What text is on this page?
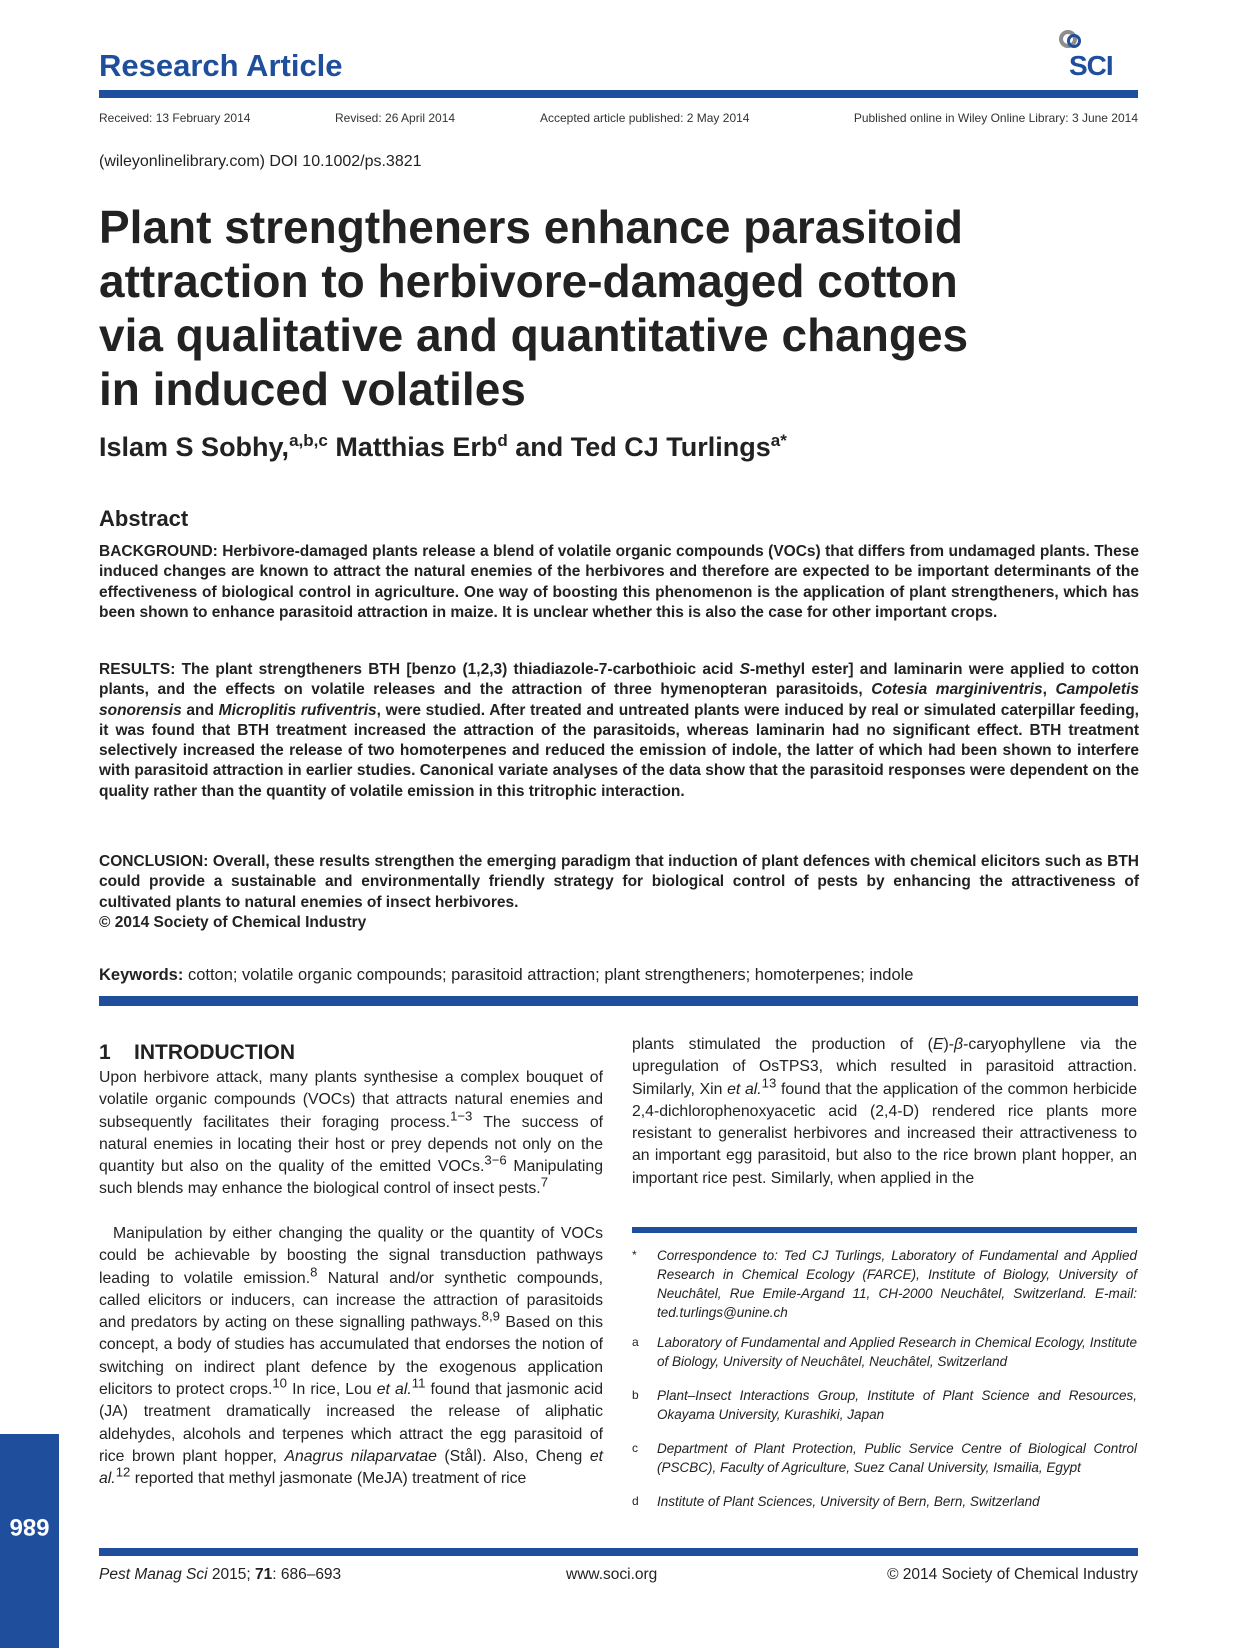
Research Article	SCI
Received: 13 February 2014	Revised: 26 April 2014	Accepted article published: 2 May 2014	Published online in Wiley Online Library: 3 June 2014
(wileyonlinelibrary.com) DOI 10.1002/ps.3821
Plant strengtheners enhance parasitoid
attraction to herbivore-damaged cotton
via qualitative and quantitative changes
in induced volatiles
Islam S Sobhy,$^{a,b,c}$ Matthias Erb$^d$ and Ted CJ Turlings$^{a*}$
Abstract

BACKGROUND: Herbivore-damaged plants release a blend of volatile organic compounds (VOCs) that differs from undamaged plants. These induced changes are known to attract the natural enemies of the herbivores and therefore are expected to be important determinants of the effectiveness of biological control in agriculture. One way of boosting this phenomenon is the application of plant strengtheners, which has been shown to enhance parasitoid attraction in maize. It is unclear whether this is also the case for other important crops.

RESULTS: The plant strengtheners BTH [benzo (1,2,3) thiadiazole-7-carbothioic acid S-methyl ester] and laminarin were applied to cotton plants, and the effects on volatile releases and the attraction of three hymenopteran parasitoids, Cotesia marginiventris, Campoletis sonorensis and Microplitis rufiventris, were studied. After treated and untreated plants were induced by real or simulated caterpillar feeding, it was found that BTH treatment increased the attraction of the parasitoids, whereas laminarin had no significant effect. BTH treatment selectively increased the release of two homoterpenes and reduced the emission of indole, the latter of which had been shown to interfere with parasitoid attraction in earlier studies. Canonical variate analyses of the data show that the parasitoid responses were dependent on the quality rather than the quantity of volatile emission in this tritrophic interaction.

CONCLUSION: Overall, these results strengthen the emerging paradigm that induction of plant defences with chemical elicitors such as BTH could provide a sustainable and environmentally friendly strategy for biological control of pests by enhancing the attractiveness of cultivated plants to natural enemies of insect herbivores.
© 2014 Society of Chemical Industry

Keywords: cotton; volatile organic compounds; parasitoid attraction; plant strengtheners; homoterpenes; indole
1    INTRODUCTION

Upon herbivore attack, many plants synthesise a complex bouquet of volatile organic compounds (VOCs) that attracts natural enemies and subsequently facilitates their foraging process.$^{1-3}$ The success of natural enemies in locating their host or prey depends not only on the quantity but also on the quality of the emitted VOCs.$^{3-6}$ Manipulating such blends may enhance the biological control of insect pests.$^7$

Manipulation by either changing the quality or the quantity of VOCs could be achievable by boosting the signal transduction pathways leading to volatile emission.$^8$ Natural and/or synthetic compounds, called elicitors or inducers, can increase the attraction of parasitoids and predators by acting on these signalling pathways.$^{8,9}$ Based on this concept, a body of studies has accumulated that endorses the notion of switching on indirect plant defence by the exogenous application elicitors to protect crops.$^{10}$ In rice, Lou et al.$^{11}$ found that jasmonic acid (JA) treatment dramatically increased the release of aliphatic aldehydes, alcohols and terpenes which attract the egg parasitoid of rice brown plant hopper, Anagrus nilaparvatae (Stål). Also, Cheng et al.$^{12}$ reported that methyl jasmonate (MeJA) treatment of rice

plants stimulated the production of (E)-β-caryophyllene via the upregulation of OsTPS3, which resulted in parasitoid attraction. Similarly, Xin et al.$^{13}$ found that the application of the common herbicide 2,4-dichlorophenoxyacetic acid (2,4-D) rendered rice plants more resistant to generalist herbivores and increased their attractiveness to an important egg parasitoid, but also to the rice brown plant hopper, an important rice pest. Similarly, when applied in the

* Correspondence to: Ted CJ Turlings, Laboratory of Fundamental and Applied Research in Chemical Ecology (FARCE), Institute of Biology, University of Neuchâtel, Rue Emile-Argand 11, CH-2000 Neuchâtel, Switzerland. E-mail: ted.turlings@unine.ch
a Laboratory of Fundamental and Applied Research in Chemical Ecology, Institute of Biology, University of Neuchâtel, Neuchâtel, Switzerland
b Plant–Insect Interactions Group, Institute of Plant Science and Resources, Okayama University, Kurashiki, Japan
c Department of Plant Protection, Public Service Centre of Biological Control (PSCBC), Faculty of Agriculture, Suez Canal University, Ismailia, Egypt
d Institute of Plant Sciences, University of Bern, Bern, Switzerland
Pest Manag Sci 2015; 71: 686–693	www.soci.org	© 2014 Society of Chemical Industry
686
